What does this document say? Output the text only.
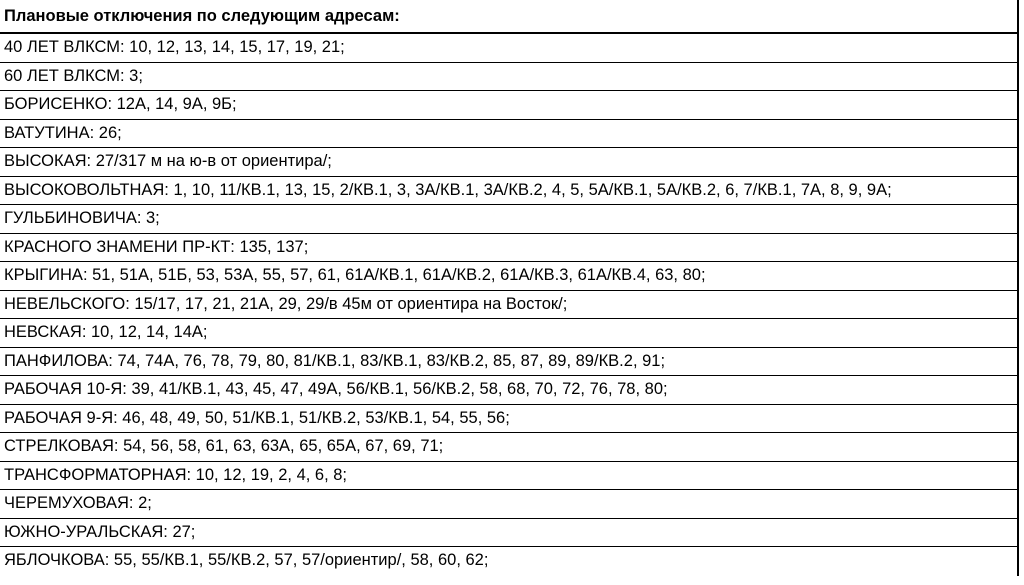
Плановые отключения по следующим адресам:
40 ЛЕТ ВЛКСМ: 10, 12, 13, 14, 15, 17, 19, 21;
60 ЛЕТ ВЛКСМ: 3;
БОРИСЕНКО: 12А, 14, 9А, 9Б;
ВАТУТИНА: 26;
ВЫСОКАЯ: 27/317 м на ю-в от ориентира/;
ВЫСОКОВОЛЬТНАЯ: 1, 10, 11/КВ.1, 13, 15, 2/КВ.1, 3, 3А/КВ.1, 3А/КВ.2, 4, 5, 5А/КВ.1, 5А/КВ.2, 6, 7/КВ.1, 7А, 8, 9, 9А;
ГУЛЬБИНОВИЧА: 3;
КРАСНОГО ЗНАМЕНИ ПР-КТ: 135, 137;
КРЫГИНА: 51, 51А, 51Б, 53, 53А, 55, 57, 61, 61А/КВ.1, 61А/КВ.2, 61А/КВ.3, 61А/КВ.4, 63, 80;
НЕВЕЛЬСКОГО: 15/17, 17, 21, 21А, 29, 29/в 45м от ориентира на Восток/;
НЕВСКАЯ: 10, 12, 14, 14А;
ПАНФИЛОВА: 74, 74А, 76, 78, 79, 80, 81/КВ.1, 83/КВ.1, 83/КВ.2, 85, 87, 89, 89/КВ.2, 91;
РАБОЧАЯ 10-Я: 39, 41/КВ.1, 43, 45, 47, 49А, 56/КВ.1, 56/КВ.2, 58, 68, 70, 72, 76, 78, 80;
РАБОЧАЯ 9-Я: 46, 48, 49, 50, 51/КВ.1, 51/КВ.2, 53/КВ.1, 54, 55, 56;
СТРЕЛКОВАЯ: 54, 56, 58, 61, 63, 63А, 65, 65А, 67, 69, 71;
ТРАНСФОРМАТОРНАЯ: 10, 12, 19, 2, 4, 6, 8;
ЧЕРЕМУХОВАЯ: 2;
ЮЖНО-УРАЛЬСКАЯ: 27;
ЯБЛОЧКОВА: 55, 55/КВ.1, 55/КВ.2, 57, 57/ориентир/, 58, 60, 62;
